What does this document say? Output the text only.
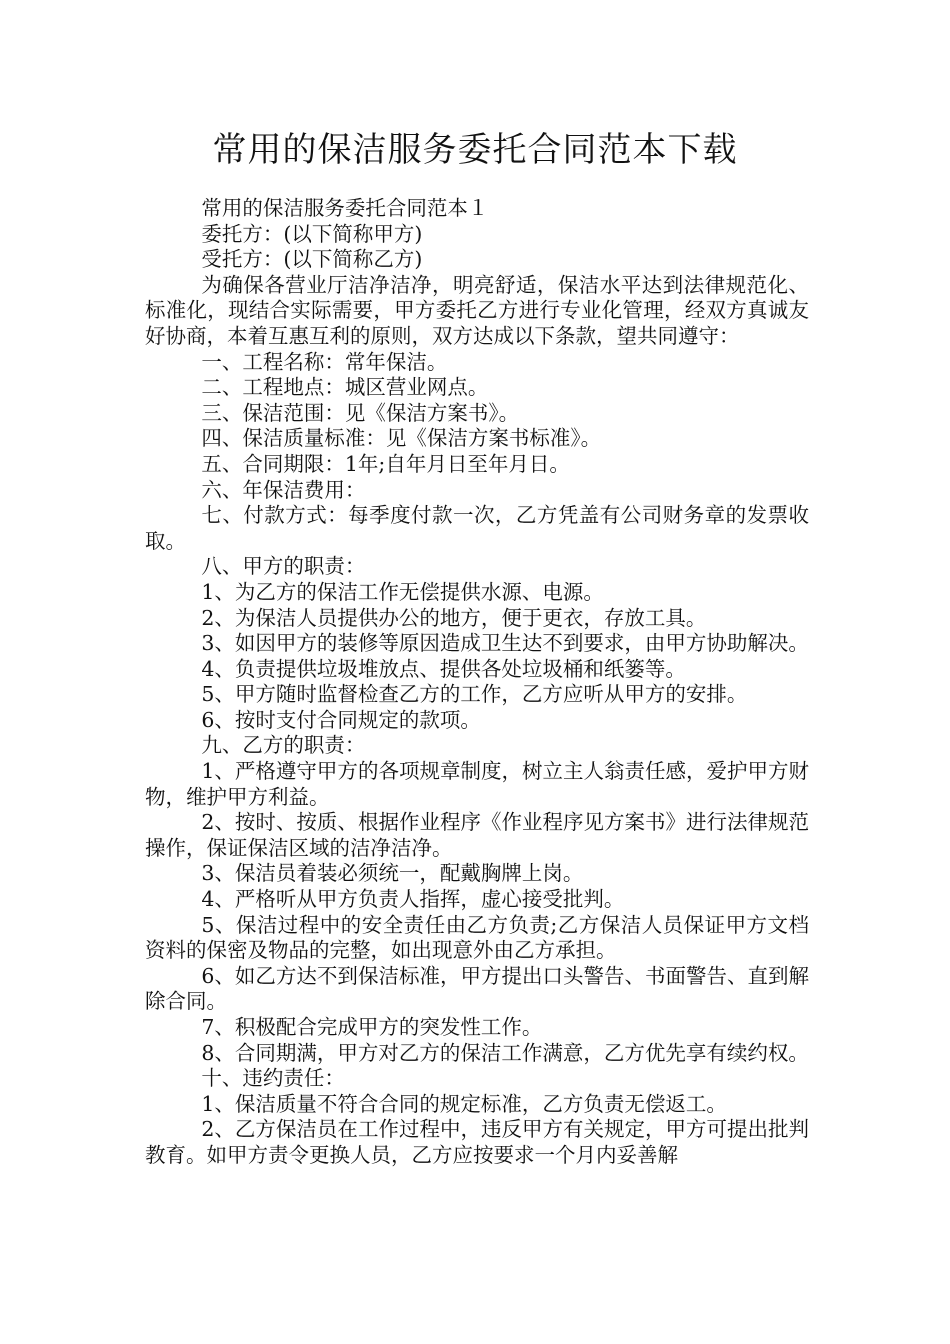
常用的保洁服务委托合同范本下载

常用的保洁服务委托合同范本１

委托方：(以下简称甲方)

受托方：(以下简称乙方)

为确保各营业厅洁净洁净，明亮舒适，保洁水平达到法律规范化、标准化，现结合实际需要，甲方委托乙方进行专业化管理，经双方真诚友好协商，本着互惠互利的原则，双方达成以下条款，望共同遵守：

一、工程名称：常年保洁。

二、工程地点：城区营业网点。

三、保洁范围：见《保洁方案书》。

四、保洁质量标准：见《保洁方案书标准》。

五、合同期限：1年;自年月日至年月日。

六、年保洁费用：

七、付款方式：每季度付款一次，乙方凭盖有公司财务章的发票收取。

八、甲方的职责：

1、为乙方的保洁工作无偿提供水源、电源。

2、为保洁人员提供办公的地方，便于更衣，存放工具。

3、如因甲方的装修等原因造成卫生达不到要求，由甲方协助解决。

4、负责提供垃圾堆放点、提供各处垃圾桶和纸篓等。

5、甲方随时监督检查乙方的工作，乙方应听从甲方的安排。

6、按时支付合同规定的款项。

九、乙方的职责：

1、严格遵守甲方的各项规章制度，树立主人翁责任感，爱护甲方财物，维护甲方利益。

2、按时、按质、根据作业程序《作业程序见方案书》进行法律规范操作，保证保洁区域的洁净洁净。

3、保洁员着装必须统一，配戴胸牌上岗。

4、严格听从甲方负责人指挥，虚心接受批判。

5、保洁过程中的安全责任由乙方负责;乙方保洁人员保证甲方文档资料的保密及物品的完整，如出现意外由乙方承担。

6、如乙方达不到保洁标准，甲方提出口头警告、书面警告、直到解除合同。

7、积极配合完成甲方的突发性工作。

8、合同期满，甲方对乙方的保洁工作满意，乙方优先享有续约权。

十、违约责任：

1、保洁质量不符合合同的规定标准，乙方负责无偿返工。

2、乙方保洁员在工作过程中，违反甲方有关规定，甲方可提出批判教育。如甲方责令更换人员，乙方应按要求一个月内妥善解
